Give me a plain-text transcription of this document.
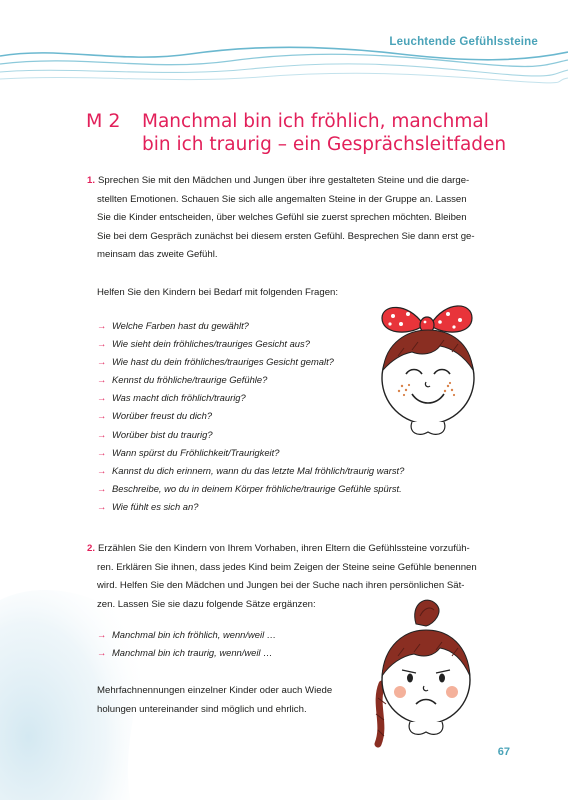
Leuchtende Gefühlssteine
M 2 Manchmal bin ich fröhlich, manchmal
bin ich traurig – ein Gesprächsleitfaden
1. Sprechen Sie mit den Mädchen und Jungen über ihre gestalteten Steine und die darge-
stellten Emotionen. Schauen Sie sich alle angemalten Steine in der Gruppe an. Lassen
Sie die Kinder entscheiden, über welches Gefühl sie zuerst sprechen möchten. Bleiben
Sie bei dem Gespräch zunächst bei diesem ersten Gefühl. Besprechen Sie dann erst ge-
meinsam das zweite Gefühl.
Helfen Sie den Kindern bei Bedarf mit folgenden Fragen:
→ Welche Farben hast du gewählt?
→ Wie sieht dein fröhliches/trauriges Gesicht aus?
→ Wie hast du dein fröhliches/trauriges Gesicht gemalt?
→ Kennst du fröhliche/traurige Gefühle?
→ Was macht dich fröhlich/traurig?
→ Worüber freust du dich?
→ Worüber bist du traurig?
→ Wann spürst du Fröhlichkeit/Traurigkeit?
→ Kannst du dich erinnern, wann du das letzte Mal fröhlich/traurig warst?
→ Beschreibe, wo du in deinem Körper fröhliche/traurige Gefühle spürst.
→ Wie fühlt es sich an?
2. Erzählen Sie den Kindern von Ihrem Vorhaben, ihren Eltern die Gefühlssteine vorzufüh-
ren. Erklären Sie ihnen, dass jedes Kind beim Zeigen der Steine seine Gefühle benennen
wird. Helfen Sie den Mädchen und Jungen bei der Suche nach ihren persönlichen Sät-
zen. Lassen Sie sie dazu folgende Sätze ergänzen:
→ Manchmal bin ich fröhlich, wenn/weil …
→ Manchmal bin ich traurig, wenn/weil …
Mehrfachnennungen einzelner Kinder oder auch Wiede
holungen untereinander sind möglich und ehrlich.
67
